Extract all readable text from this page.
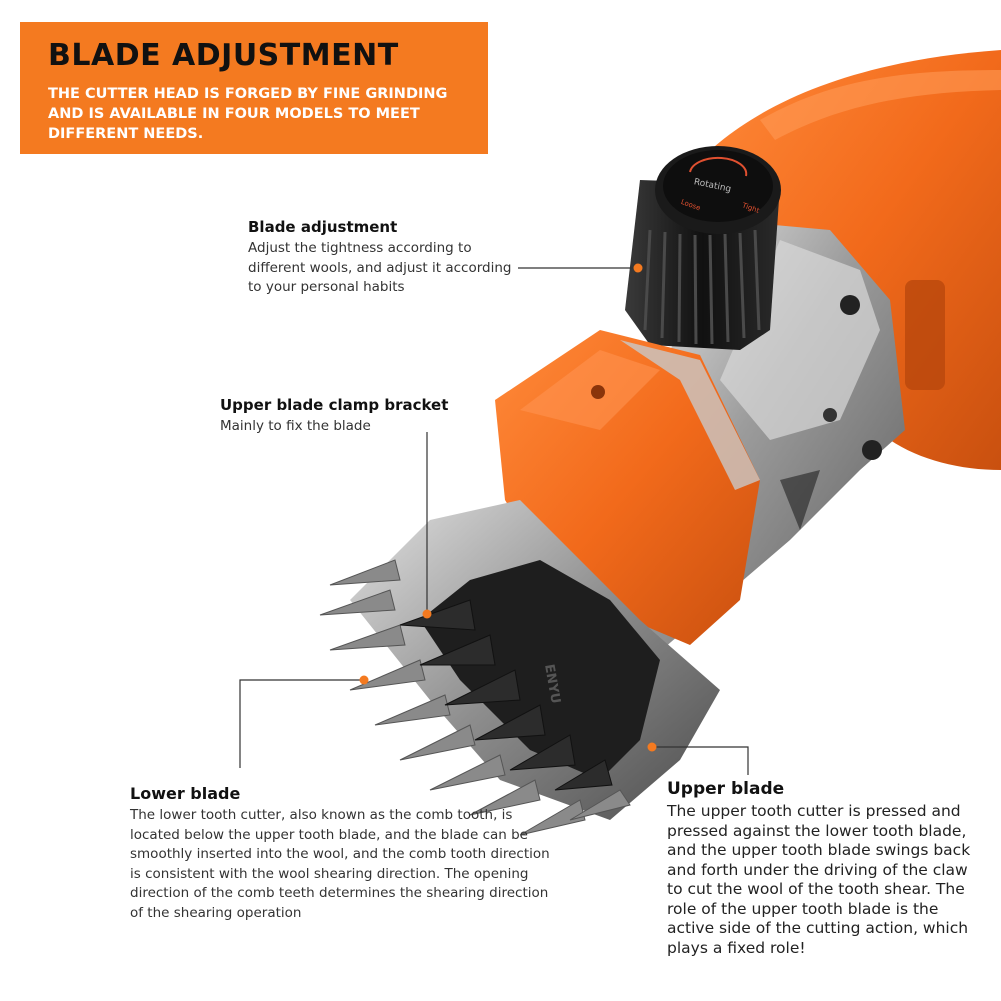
Rotating
Loose	Tight
ENYU
BLADE ADJUSTMENT
THE CUTTER HEAD IS FORGED BY FINE GRINDING AND IS AVAILABLE IN FOUR MODELS TO MEET DIFFERENT NEEDS.
Blade adjustment
Adjust the tightness according to different wools, and adjust it according to your personal habits
Upper blade clamp bracket
Mainly to fix the blade
Lower blade
The lower tooth cutter, also known as the comb tooth, is located below the upper tooth blade, and the blade can be smoothly inserted into the wool, and the comb tooth direction is consistent with the wool shearing direction. The opening direction of the comb teeth determines the shearing direction of the shearing operation
Upper blade
The upper tooth cutter is pressed and pressed against the lower tooth blade, and the upper tooth blade swings back and forth under the driving of the claw to cut the wool of the tooth shear. The role of the upper tooth blade is the active side of the cutting action, which plays a fixed role!
